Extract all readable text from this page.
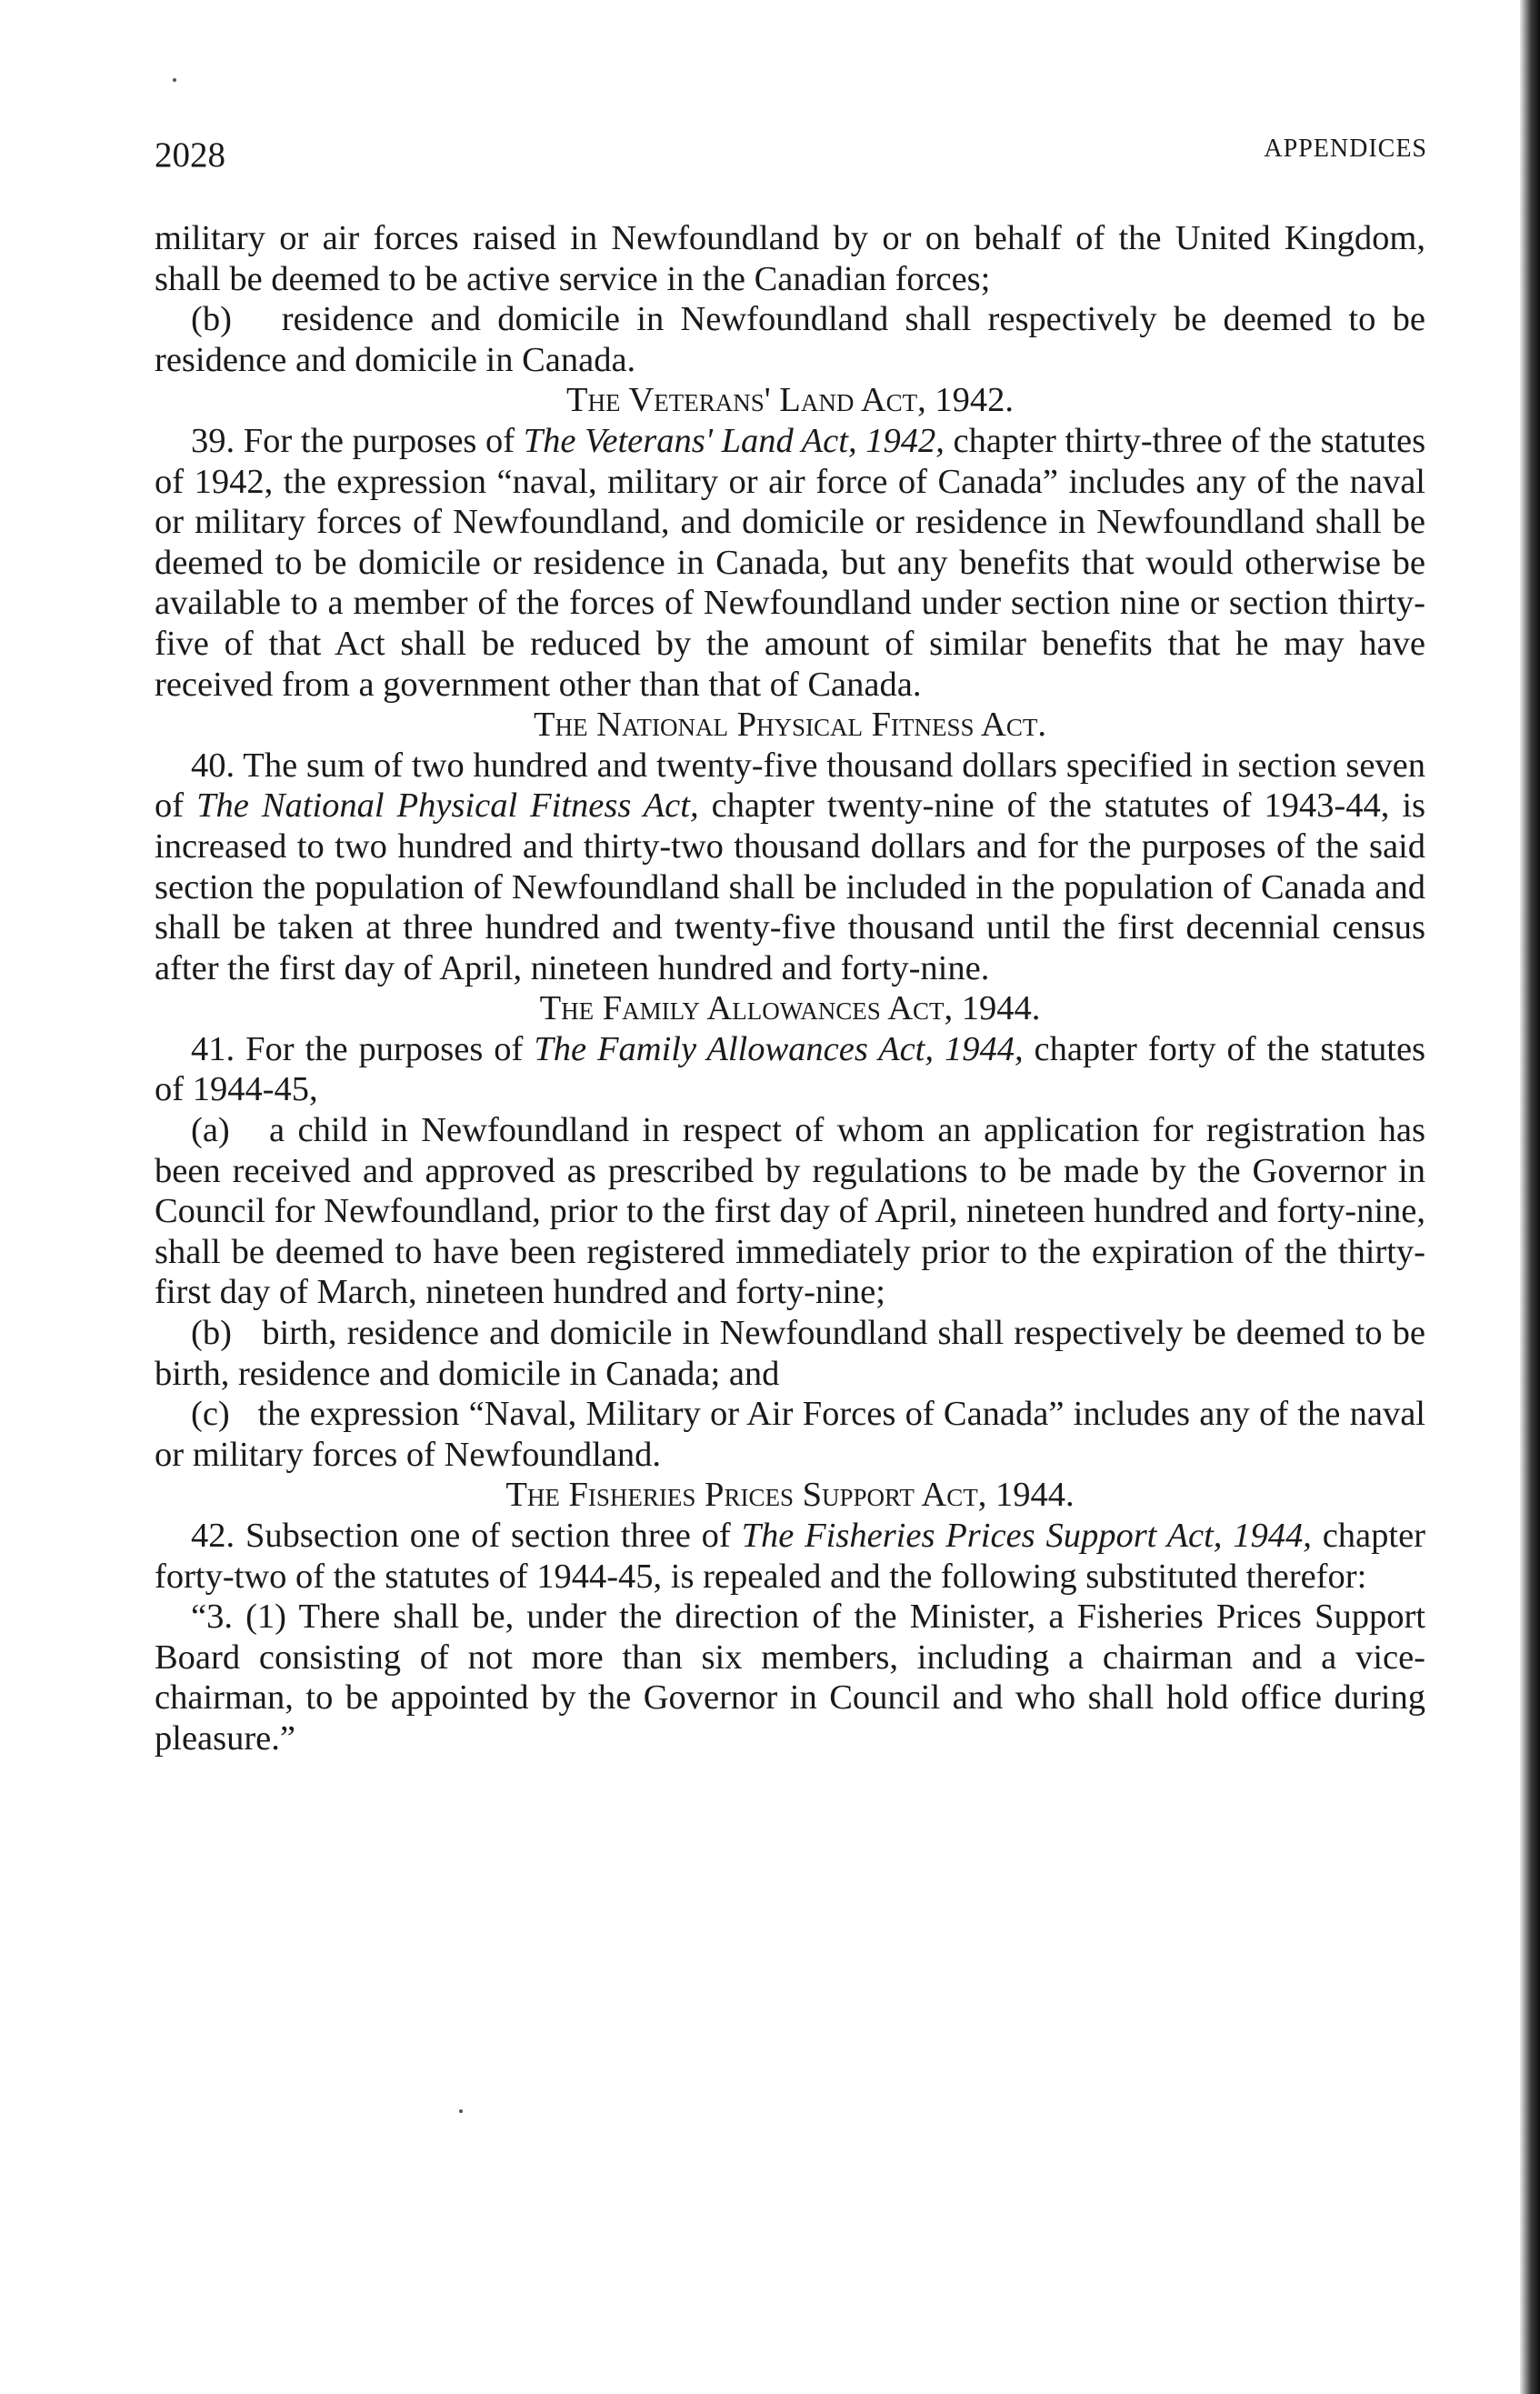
2028	APPENDICES

military or air forces raised in Newfoundland by or on behalf of the United Kingdom, shall be deemed to be active service in the Canadian forces;

(b) residence and domicile in Newfoundland shall respectively be deemed to be residence and domicile in Canada.

The Veterans' Land Act, 1942.

39. For the purposes of The Veterans' Land Act, 1942, chapter thirty-three of the statutes of 1942, the expression “naval, military or air force of Canada” includes any of the naval or military forces of Newfoundland, and domicile or residence in Newfoundland shall be deemed to be domicile or residence in Canada, but any benefits that would otherwise be available to a member of the forces of Newfoundland under section nine or section thirty-five of that Act shall be reduced by the amount of similar benefits that he may have received from a government other than that of Canada.

The National Physical Fitness Act.

40. The sum of two hundred and twenty-five thousand dollars specified in section seven of The National Physical Fitness Act, chapter twenty-nine of the statutes of 1943-44, is increased to two hundred and thirty-two thousand dollars and for the purposes of the said section the population of Newfoundland shall be included in the population of Canada and shall be taken at three hundred and twenty-five thousand until the first decennial census after the first day of April, nineteen hundred and forty-nine.

The Family Allowances Act, 1944.

41. For the purposes of The Family Allowances Act, 1944, chapter forty of the statutes of 1944-45,

(a) a child in Newfoundland in respect of whom an application for registration has been received and approved as prescribed by regulations to be made by the Governor in Council for Newfoundland, prior to the first day of April, nineteen hundred and forty-nine, shall be deemed to have been registered immediately prior to the expiration of the thirty-first day of March, nineteen hundred and forty-nine;

(b) birth, residence and domicile in Newfoundland shall respectively be deemed to be birth, residence and domicile in Canada; and

(c) the expression “Naval, Military or Air Forces of Canada” includes any of the naval or military forces of Newfoundland.

The Fisheries Prices Support Act, 1944.

42. Subsection one of section three of The Fisheries Prices Support Act, 1944, chapter forty-two of the statutes of 1944-45, is repealed and the following substituted therefor:

“3. (1) There shall be, under the direction of the Minister, a Fisheries Prices Support Board consisting of not more than six members, including a chairman and a vice-chairman, to be appointed by the Governor in Council and who shall hold office during pleasure.”
